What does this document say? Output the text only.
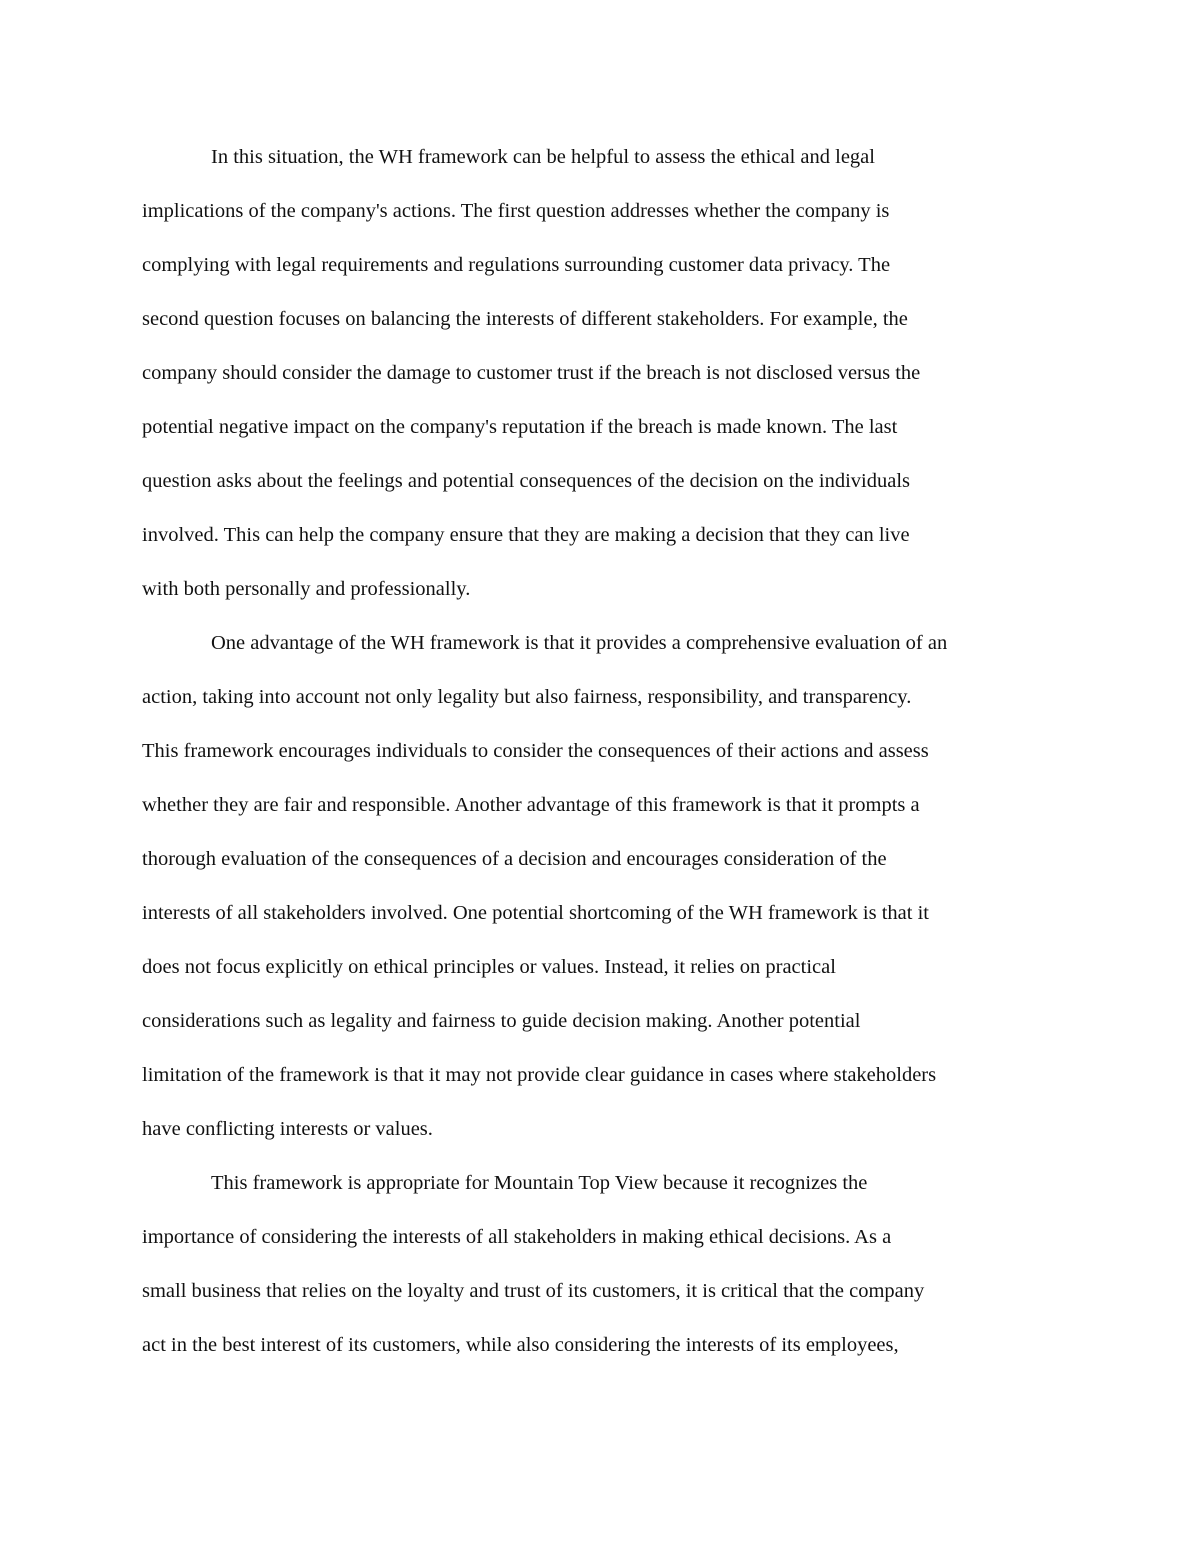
In this situation, the WH framework can be helpful to assess the ethical and legal
implications of the company's actions. The first question addresses whether the company is
complying with legal requirements and regulations surrounding customer data privacy. The
second question focuses on balancing the interests of different stakeholders. For example, the
company should consider the damage to customer trust if the breach is not disclosed versus the
potential negative impact on the company's reputation if the breach is made known. The last
question asks about the feelings and potential consequences of the decision on the individuals
involved. This can help the company ensure that they are making a decision that they can live
with both personally and professionally.
One advantage of the WH framework is that it provides a comprehensive evaluation of an
action, taking into account not only legality but also fairness, responsibility, and transparency.
This framework encourages individuals to consider the consequences of their actions and assess
whether they are fair and responsible. Another advantage of this framework is that it prompts a
thorough evaluation of the consequences of a decision and encourages consideration of the
interests of all stakeholders involved. One potential shortcoming of the WH framework is that it
does not focus explicitly on ethical principles or values. Instead, it relies on practical
considerations such as legality and fairness to guide decision making. Another potential
limitation of the framework is that it may not provide clear guidance in cases where stakeholders
have conflicting interests or values.
This framework is appropriate for Mountain Top View because it recognizes the
importance of considering the interests of all stakeholders in making ethical decisions. As a
small business that relies on the loyalty and trust of its customers, it is critical that the company
act in the best interest of its customers, while also considering the interests of its employees,
